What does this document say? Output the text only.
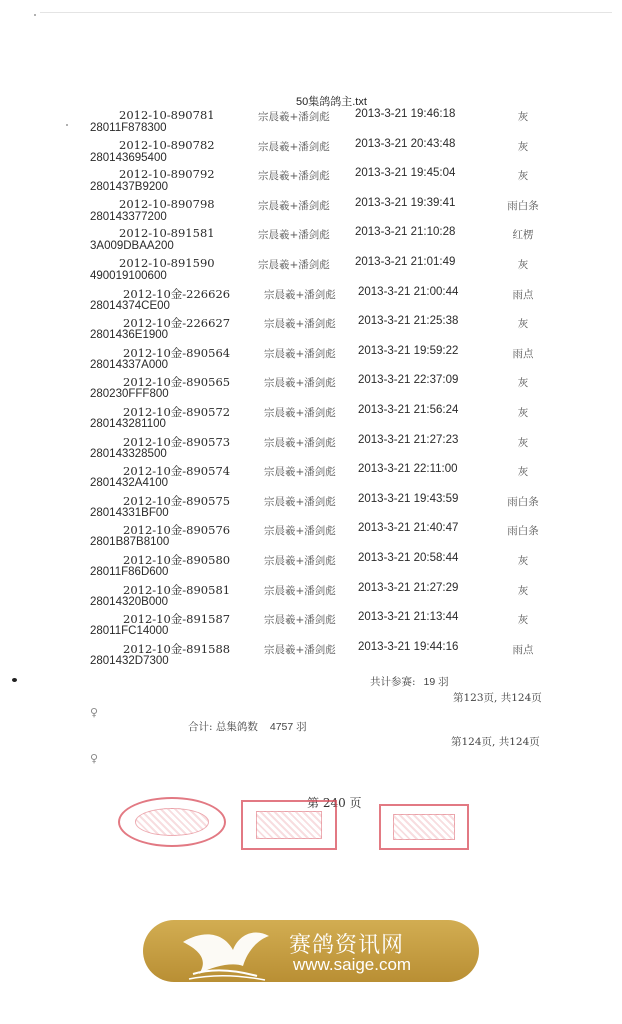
50集鸽鸽主.txt
2012-10-890781	宗晨羲+潘剑彪 2013-3-21 19:46:18	灰
28011F878300
2012-10-890782	宗晨羲+潘剑彪 2013-3-21 20:43:48	灰
280143695400
2012-10-890792	宗晨羲+潘剑彪 2013-3-21 19:45:04	灰
2801437B9200
2012-10-890798	宗晨羲+潘剑彪 2013-3-21 19:39:41	雨白条
280143377200
2012-10-891581	宗晨羲+潘剑彪 2013-3-21 21:10:28	红楞
3A009DBAA200
2012-10-891590	宗晨羲+潘剑彪 2013-3-21 21:01:49	灰
490019100600
2012-10金-226626	宗晨羲+潘剑彪 2013-3-21 21:00:44	雨点
28014374CE00
2012-10金-226627	宗晨羲+潘剑彪 2013-3-21 21:25:38	灰
2801436E1900
2012-10金-890564	宗晨羲+潘剑彪 2013-3-21 19:59:22	雨点
28014337A000
2012-10金-890565	宗晨羲+潘剑彪 2013-3-21 22:37:09	灰
280230FFF800
2012-10金-890572	宗晨羲+潘剑彪 2013-3-21 21:56:24	灰
280143281100
2012-10金-890573	宗晨羲+潘剑彪 2013-3-21 21:27:23	灰
280143328500
2012-10金-890574	宗晨羲+潘剑彪 2013-3-21 22:11:00	灰
2801432A4100
2012-10金-890575	宗晨羲+潘剑彪 2013-3-21 19:43:59	雨白条
28014331BF00
2012-10金-890576	宗晨羲+潘剑彪 2013-3-21 21:40:47	雨白条
2801B87B8100
2012-10金-890580	宗晨羲+潘剑彪 2013-3-21 20:58:44	灰
28011F86D600
2012-10金-890581	宗晨羲+潘剑彪 2013-3-21 21:27:29	灰
28014320B000
2012-10金-891587	宗晨羲+潘剑彪 2013-3-21 21:13:44	灰
28011FC14000
2012-10金-891588	宗晨羲+潘剑彪 2013-3-21 19:44:16	雨点
2801432D7300
共计参赛: 19 羽
第123页, 共124页
♀
合计: 总集鸽数 4757 羽
第124页, 共124页
♀
第 240 页
赛鸽资讯网
www.saige.com
